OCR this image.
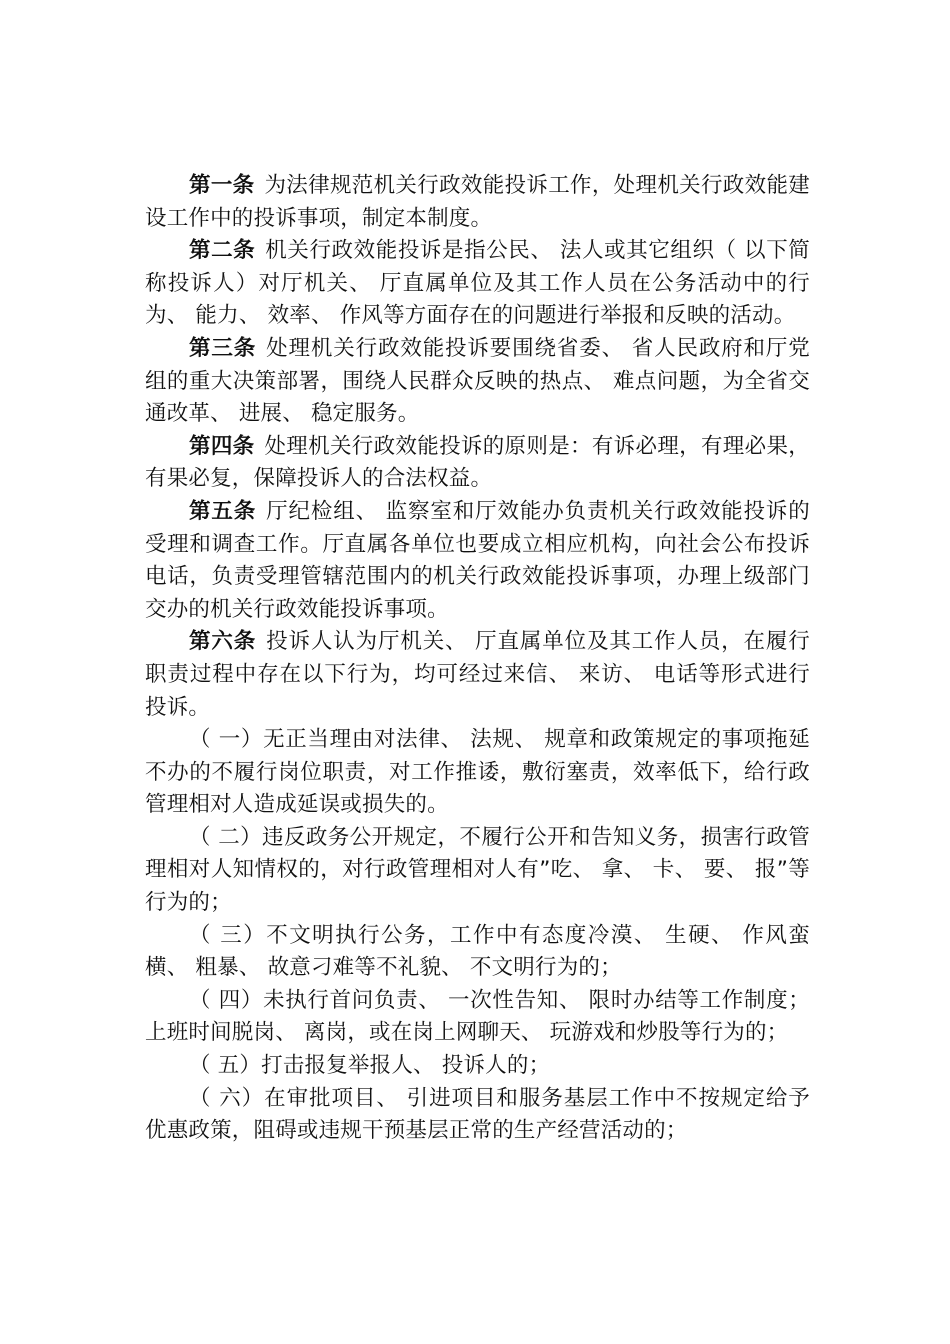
第一条 为法律规范机关行政效能投诉工作，处理机关行政效能建设工作中的投诉事项，制定本制度。

第二条 机关行政效能投诉是指公民、 法人或其它组织（ 以下简称投诉人）对厅机关、 厅直属单位及其工作人员在公务活动中的行为、 能力、 效率、 作风等方面存在的问题进行举报和反映的活动。

第三条 处理机关行政效能投诉要围绕省委、 省人民政府和厅党组的重大决策部署，围绕人民群众反映的热点、 难点问题，为全省交通改革、 进展、 稳定服务。

第四条 处理机关行政效能投诉的原则是：有诉必理，有理必果，有果必复，保障投诉人的合法权益。

第五条 厅纪检组、 监察室和厅效能办负责机关行政效能投诉的受理和调查工作。厅直属各单位也要成立相应机构，向社会公布投诉电话，负责受理管辖范围内的机关行政效能投诉事项，办理上级部门交办的机关行政效能投诉事项。

第六条 投诉人认为厅机关、 厅直属单位及其工作人员，在履行职责过程中存在以下行为，均可经过来信、 来访、 电话等形式进行投诉。

（ 一）无正当理由对法律、 法规、 规章和政策规定的事项拖延不办的不履行岗位职责，对工作推诿，敷衍塞责，效率低下，给行政管理相对人造成延误或损失的。

（ 二）违反政务公开规定，不履行公开和告知义务，损害行政管理相对人知情权的，对行政管理相对人有”吃、 拿、 卡、 要、 报”等行为的；

（ 三）不文明执行公务，工作中有态度冷漠、 生硬、 作风蛮横、 粗暴、 故意刁难等不礼貌、 不文明行为的；

（ 四）未执行首问负责、 一次性告知、 限时办结等工作制度；上班时间脱岗、 离岗，或在岗上网聊天、 玩游戏和炒股等行为的；

（ 五）打击报复举报人、 投诉人的；

（ 六）在审批项目、 引进项目和服务基层工作中不按规定给予优惠政策，阻碍或违规干预基层正常的生产经营活动的；
